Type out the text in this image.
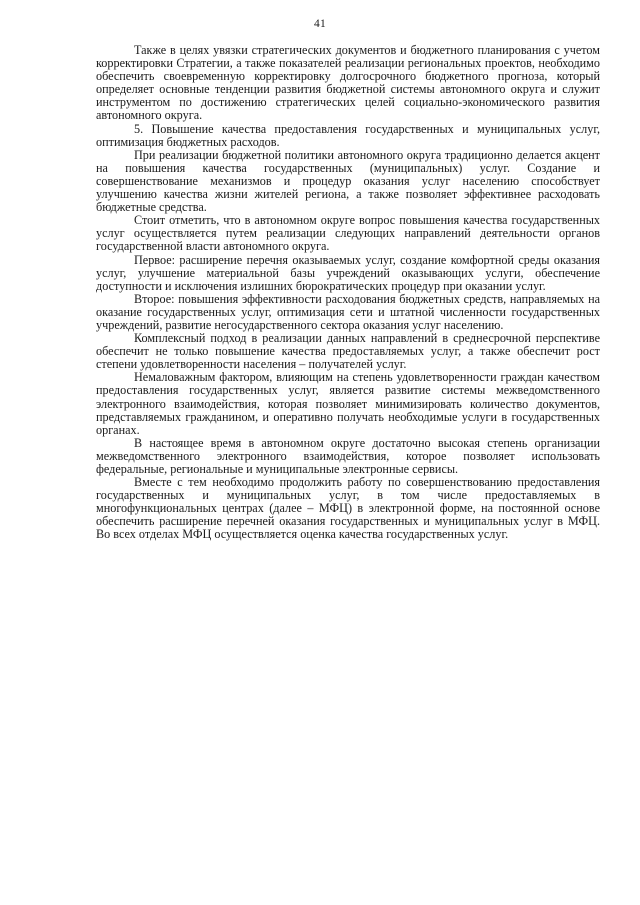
41

Также в целях увязки стратегических документов и бюджетного планирования с учетом корректировки Стратегии, а также показателей реализации региональных проектов, необходимо обеспечить своевременную корректировку долгосрочного бюджетного прогноза, который определяет основные тенденции развития бюджетной системы автономного округа и служит инструментом по достижению стратегических целей социально-экономического развития автономного округа.

5. Повышение качества предоставления государственных и муниципальных услуг, оптимизация бюджетных расходов.

При реализации бюджетной политики автономного округа традиционно делается акцент на повышения качества государственных (муниципальных) услуг. Создание и совершенствование механизмов и процедур оказания услуг населению способствует улучшению качества жизни жителей региона, а также позволяет эффективнее расходовать бюджетные средства.

Стоит отметить, что в автономном округе вопрос повышения качества государственных услуг осуществляется путем реализации следующих направлений деятельности органов государственной власти автономного округа.

Первое: расширение перечня оказываемых услуг, создание комфортной среды оказания услуг, улучшение материальной базы учреждений оказывающих услуги, обеспечение доступности и исключения излишних бюрократических процедур при оказании услуг.

Второе: повышения эффективности расходования бюджетных средств, направляемых на оказание государственных услуг, оптимизация сети и штатной численности государственных учреждений, развитие негосударственного сектора оказания услуг населению.

Комплексный подход в реализации данных направлений в среднесрочной перспективе обеспечит не только повышение качества предоставляемых услуг, а также обеспечит рост степени удовлетворенности населения – получателей услуг.

Немаловажным фактором, влияющим на степень удовлетворенности граждан качеством предоставления государственных услуг, является развитие системы межведомственного электронного взаимодействия, которая позволяет минимизировать количество документов, представляемых гражданином, и оперативно получать необходимые услуги в государственных органах.

В настоящее время в автономном округе достаточно высокая степень организации межведомственного электронного взаимодействия, которое позволяет использовать федеральные, региональные и муниципальные электронные сервисы.

Вместе с тем необходимо продолжить работу по совершенствованию предоставления государственных и муниципальных услуг, в том числе предоставляемых в многофункциональных центрах (далее – МФЦ) в электронной форме, на постоянной основе обеспечить расширение перечней оказания государственных и муниципальных услуг в МФЦ. Во всех отделах МФЦ осуществляется оценка качества государственных услуг.
